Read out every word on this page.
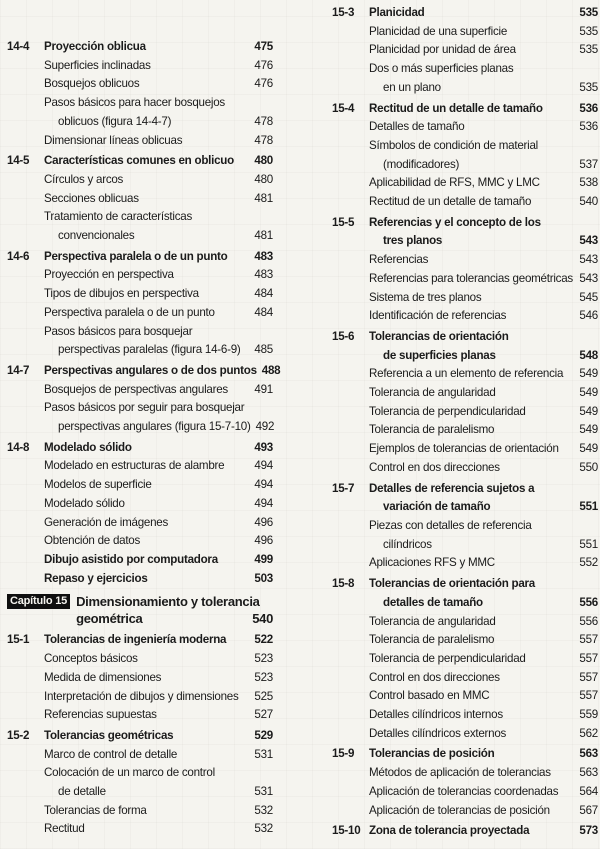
14-4	Proyección oblicua	475
Superficies inclinadas	476
Bosquejos oblicuos	476
Pasos básicos para hacer bosquejos
oblicuos (figura 14-4-7)	478
Dimensionar líneas oblicuas	478
14-5	Características comunes en oblicuo	480
Círculos y arcos	480
Secciones oblicuas	481
Tratamiento de características
convencionales	481
14-6	Perspectiva paralela o de un punto	483
Proyección en perspectiva	483
Tipos de dibujos en perspectiva	484
Perspectiva paralela o de un punto	484
Pasos básicos para bosquejar
perspectivas paralelas (figura 14-6-9)	485
14-7	Perspectivas angulares o de dos puntos 488
Bosquejos de perspectivas angulares	491
Pasos básicos por seguir para bosquejar
perspectivas angulares (figura 15-7-10) 492
14-8	Modelado sólido	493
Modelado en estructuras de alambre	494
Modelos de superficie	494
Modelado sólido	494
Generación de imágenes	496
Obtención de datos	496
Dibujo asistido por computadora	499
Repaso y ejercicios	503
Capítulo 15 Dimensionamiento y tolerancia
geométrica	540
15-1	Tolerancias de ingeniería moderna	522
Conceptos básicos	523
Medida de dimensiones	523
Interpretación de dibujos y dimensiones	525
Referencias supuestas	527
15-2	Tolerancias geométricas	529
Marco de control de detalle	531
Colocación de un marco de control
de detalle	531
Tolerancias de forma	532
Rectitud	532
15-3	Planicidad	535
Planicidad de una superficie	535
Planicidad por unidad de área	535
Dos o más superficies planas
en un plano	535
15-4	Rectitud de un detalle de tamaño	536
Detalles de tamaño	536
Símbolos de condición de material
(modificadores)	537
Aplicabilidad de RFS, MMC y LMC	538
Rectitud de un detalle de tamaño	540
15-5	Referencias y el concepto de los
tres planos	543
Referencias	543
Referencias para tolerancias geométricas 543
Sistema de tres planos	545
Identificación de referencias	546
15-6	Tolerancias de orientación
de superficies planas	548
Referencia a un elemento de referencia	549
Tolerancia de angularidad	549
Tolerancia de perpendicularidad	549
Tolerancia de paralelismo	549
Ejemplos de tolerancias de orientación	549
Control en dos direcciones	550
15-7	Detalles de referencia sujetos a
variación de tamaño	551
Piezas con detalles de referencia
cilíndricos	551
Aplicaciones RFS y MMC	552
15-8	Tolerancias de orientación para
detalles de tamaño	556
Tolerancia de angularidad	556
Tolerancia de paralelismo	557
Tolerancia de perpendicularidad	557
Control en dos direcciones	557
Control basado en MMC	557
Detalles cilíndricos internos	559
Detalles cilíndricos externos	562
15-9	Tolerancias de posición	563
Métodos de aplicación de tolerancias	563
Aplicación de tolerancias coordenadas	564
Aplicación de tolerancias de posición	567
15-10 Zona de tolerancia proyectada	573
